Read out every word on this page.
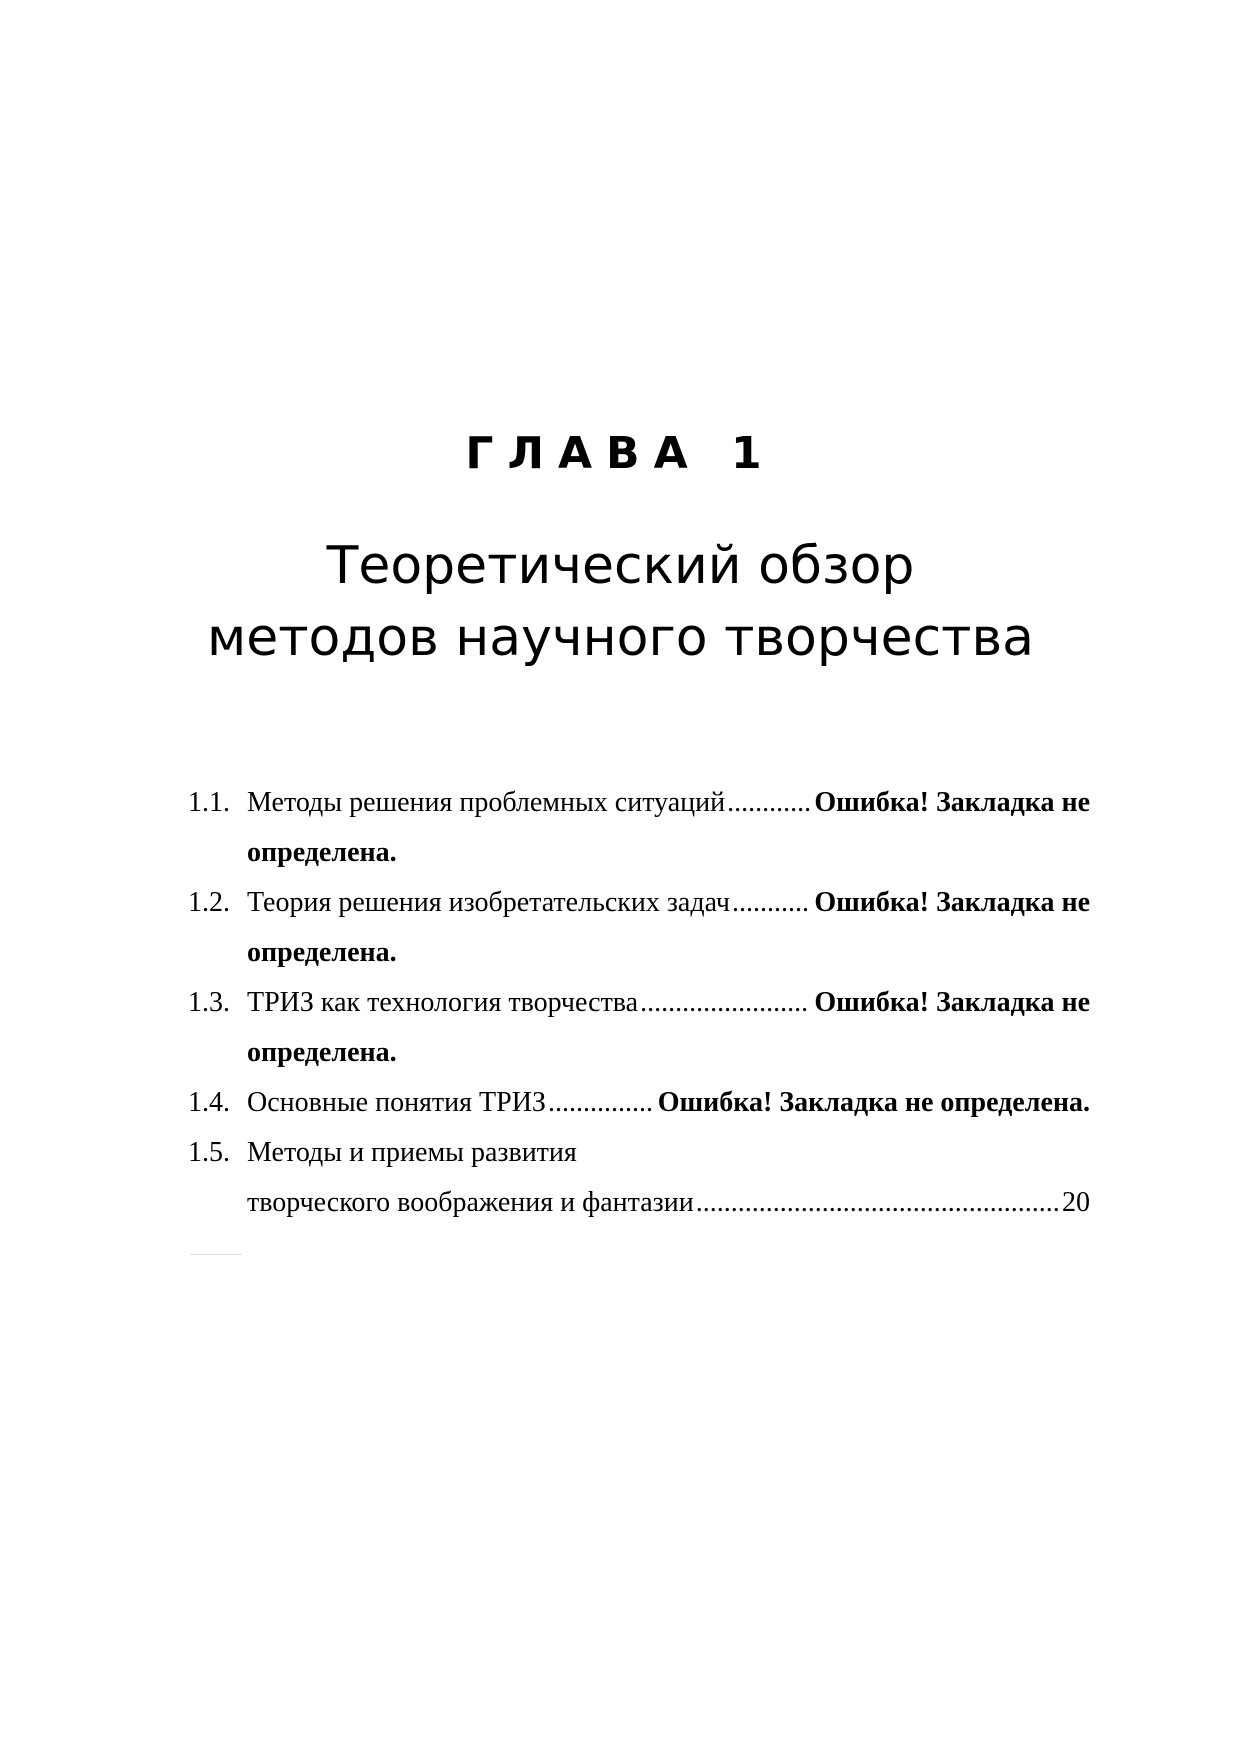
ГЛАВА 1
Теоретический обзор
методов научного творчества
1.1. Методы решения проблемных ситуаций .....	Ошибка! Закладка не
определена.
1.2. Теория решения изобретательских задач .....	Ошибка! Закладка не
определена.
1.3. ТРИЗ как технология творчества .....	Ошибка! Закладка не
определена.
1.4. Основные понятия ТРИЗ .....	Ошибка! Закладка не определена.
1.5. Методы и приемы развития
творческого воображения и фантазии .....	20
